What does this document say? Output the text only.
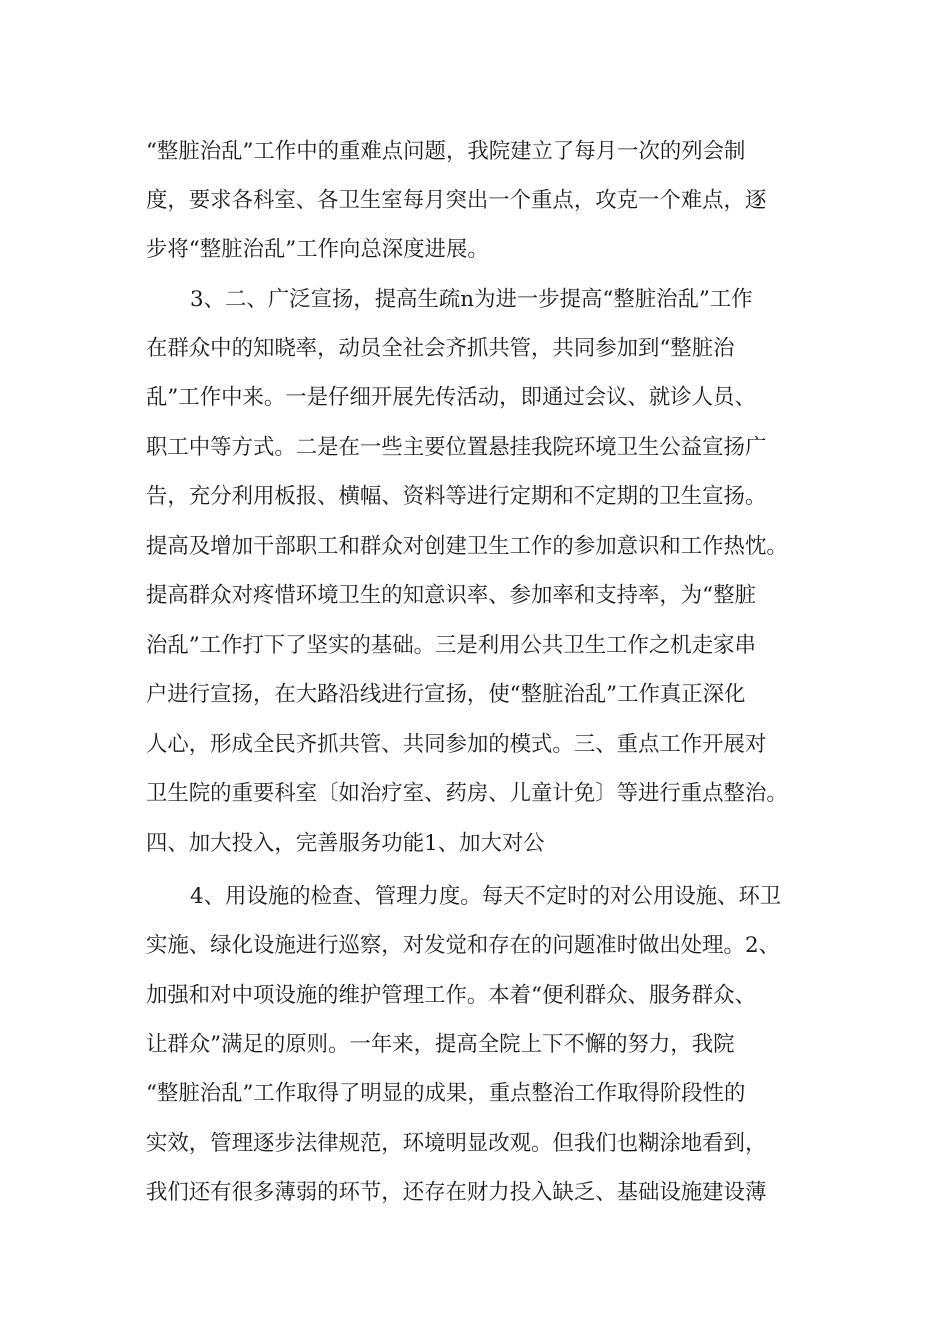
“整脏治乱”工作中的重难点问题，我院建立了每月一次的列会制
度，要求各科室、各卫生室每月突出一个重点，攻克一个难点，逐
步将“整脏治乱”工作向总深度进展。
3、二、广泛宣扬，提高生疏n为进一步提高“整脏治乱”工作
在群众中的知晓率，动员全社会齐抓共管，共同参加到“整脏治
乱”工作中来。一是仔细开展先传活动，即通过会议、就诊人员、
职工中等方式。二是在一些主要位置悬挂我院环境卫生公益宣扬广
告，充分利用板报、横幅、资料等进行定期和不定期的卫生宣扬。
提高及增加干部职工和群众对创建卫生工作的参加意识和工作热忱。
提高群众对疼惜环境卫生的知意识率、参加率和支持率，为“整脏
治乱”工作打下了坚实的基础。三是利用公共卫生工作之机走家串
户进行宣扬，在大路沿线进行宣扬，使“整脏治乱”工作真正深化
人心，形成全民齐抓共管、共同参加的模式。三、重点工作开展对
卫生院的重要科室〔如治疗室、药房、儿童计免〕等进行重点整治。
四、加大投入，完善服务功能1、加大对公
4、用设施的检查、管理力度。每天不定时的对公用设施、环卫
实施、绿化设施进行巡察，对发觉和存在的问题准时做出处理。2、
加强和对中项设施的维护管理工作。本着“便利群众、服务群众、
让群众”满足的原则。一年来，提高全院上下不懈的努力，我院
“整脏治乱”工作取得了明显的成果，重点整治工作取得阶段性的
实效，管理逐步法律规范，环境明显改观。但我们也糊涂地看到，
我们还有很多薄弱的环节，还存在财力投入缺乏、基础设施建设薄
